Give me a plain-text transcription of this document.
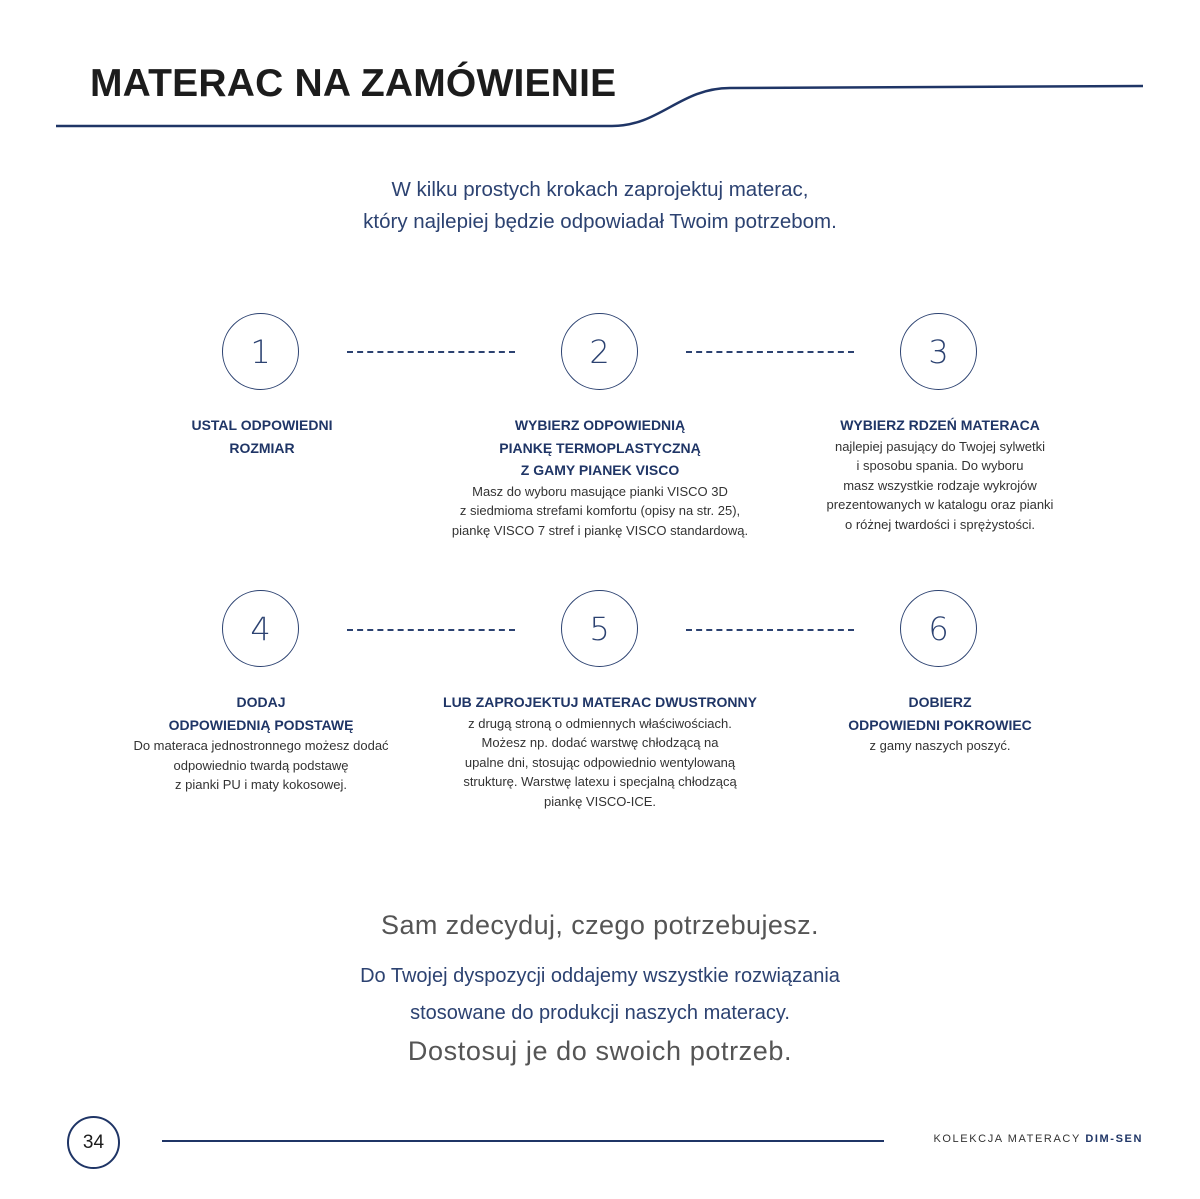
MATERAC NA ZAMÓWIENIE
W kilku prostych krokach zaprojektuj materac,
który najlepiej będzie odpowiadał Twoim potrzebom.
1	2	3
USTAL ODPOWIEDNI
ROZMIAR
WYBIERZ ODPOWIEDNIĄ
PIANKĘ TERMOPLASTYCZNĄ
Z GAMY PIANEK VISCO
Masz do wyboru masujące pianki VISCO 3D
z siedmioma strefami komfortu (opisy na str. 25),
piankę VISCO 7 stref i piankę VISCO standardową.
WYBIERZ RDZEŃ MATERACA
najlepiej pasujący do Twojej sylwetki
i sposobu spania. Do wyboru
masz wszystkie rodzaje wykrojów
prezentowanych w katalogu oraz pianki
o różnej twardości i sprężystości.
4	5	6
DODAJ
ODPOWIEDNIĄ PODSTAWĘ
Do materaca jednostronnego możesz dodać
odpowiednio twardą podstawę
z pianki PU i maty kokosowej.
LUB ZAPROJEKTUJ MATERAC DWUSTRONNY
z drugą stroną o odmiennych właściwościach.
Możesz np. dodać warstwę chłodzącą na
upalne dni, stosując odpowiednio wentylowaną
strukturę. Warstwę latexu i specjalną chłodzącą
piankę VISCO-ICE.
DOBIERZ
ODPOWIEDNI POKROWIEC
z gamy naszych poszyć.
Sam zdecyduj, czego potrzebujesz.
Do Twojej dyspozycji oddajemy wszystkie rozwiązania
stosowane do produkcji naszych materacy.
Dostosuj je do swoich potrzeb.
34	KOLEKCJA MATERACY DIM-SEN
